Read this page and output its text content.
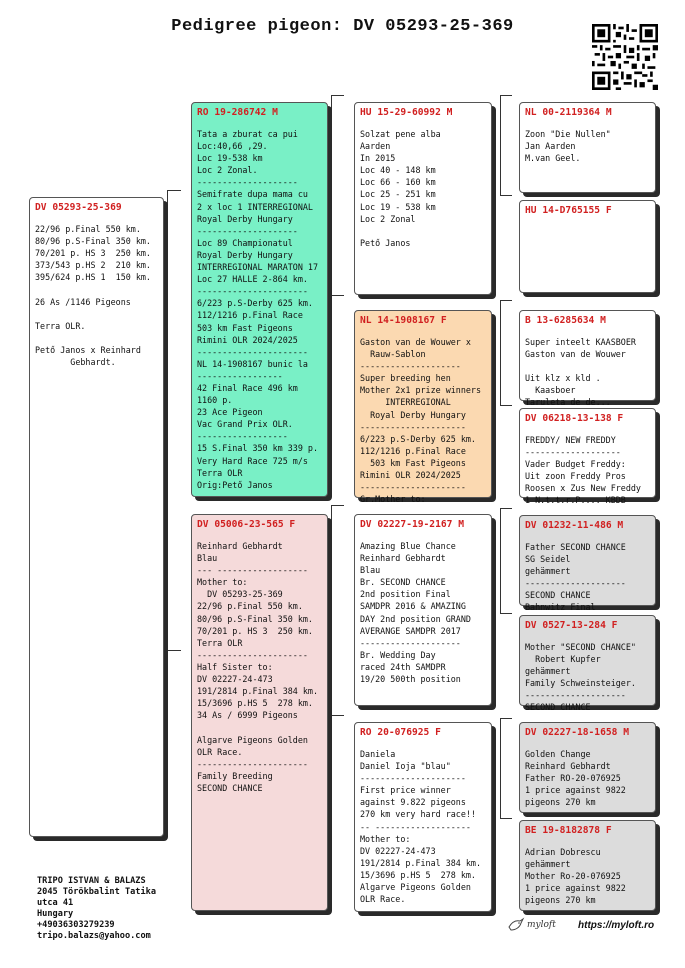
Pedigree pigeon: DV 05293-25-369
DV 05293-25-369
22/96 p.Final 550 km.
80/96 p.S-Final 350 km.
70/201 p. HS 3  250 km.
373/543 p.HS 2  210 km.
395/624 p.HS 1  150 km.

26 As /1146 Pigeons

Terra OLR.

Pető Janos x Reinhard
Gebhardt.
RO 19-286742 M
Tata a zburat ca pui
Loc:40,66 ,29.
Loc 19-538 km
Loc 2 Zonal.
--------------------
Semifrate dupa mama cu
2 x loc 1 INTERREGIONAL
Royal Derby Hungary
--------------------
Loc 89 Championatul
Royal Derby Hungary
INTERREGIONAL MARATON 17
Loc 27 HALLE 2-864 km.
----------------------
6/223 p.S-Derby 625 km.
112/1216 p.Final Race
503 km Fast Pigeons
Rimini OLR 2024/2025
----------------------
NL 14-1908167 bunic la
-----------------
42 Final Race 496 km
1160 p.
23 Ace Pigeon
Vac Grand Prix OLR.
------------------
15 S.Final 350 km 339 p.
Very Hard Race 725 m/s
Terra OLR
Orig:Pető Janos
DV 05006-23-565 F
Reinhard Gebhardt
Blau
--- ------------------
Mother to:
DV 05293-25-369
22/96 p.Final 550 km.
80/96 p.S-Final 350 km.
70/201 p. HS 3  250 km.
Terra OLR
----------------------
Half Sister to:
DV 02227-24-473
191/2814 p.Final 384 km.
15/3696 p.HS 5  278 km.
34 As / 6999 Pigeons

Algarve Pigeons Golden
OLR Race.
----------------------
Family Breeding
SECOND CHANCE
HU 15-29-60992 M
Solzat pene alba
Aarden
In 2015
Loc 40 - 148 km
Loc 66 - 160 km
Loc 25 - 251 km
Loc 19 - 538 km
Loc 2 Zonal

Pető Janos
NL 14-1908167 F
Gaston van de Wouwer x
Rauw-Sablon
--------------------
Super breeding hen
Mother 2x1 prize winners
INTERREGIONAL
Royal Derby Hungary
---------------------
6/223 p.S-Derby 625 km.
112/1216 p.Final Race
503 km Fast Pigeons
Rimini OLR 2024/2025
---------------------
Gr.Mother to:
DV 02227-19-2167 M
Amazing Blue Chance
Reinhard Gebhardt
Blau
Br. SECOND CHANCE
2nd position Final
SAMDPR 2016 & AMAZING
DAY 2nd position GRAND
AVERANGE SAMDPR 2017
--------------------
Br. Wedding Day
raced 24th SAMDPR
19/20 500th position
RO 20-076925 F
Daniela
Daniel Ioja "blau"
---------------------
First price winner
against 9.822 pigeons
270 km very hard race!!
-- -------------------
Mother to:
DV 02227-24-473
191/2814 p.Final 384 km.
15/3696 p.HS 5  278 km.
Algarve Pigeons Golden
OLR Race.
NL 00-2119364 M
Zoon "Die Nullen"
Jan Aarden
M.van Geel.
HU 14-D765155 F
B 13-6285634 M
Super inteelt KAASBOER
Gaston van de Wouwer

Uit klz x kld .
Kaasboer
Taruleta de de...
DV 06218-13-138 F
FREDDY/ NEW FREDDY
-------------------
Vader Budget Freddy:
Uit zoon Freddy Pros
Roosen x Zus New Freddy
1 N.t.t.r.P.... KBDB
DV 01232-11-486 M
Father SECOND CHANCE
SG Seidel
gehämmert
--------------------
SECOND CHANCE
Bahnwitz Final
DV 0527-13-284 F
Mother "SECOND CHANCE"
Robert Kupfer
gehämmert
Family Schweinsteiger.
--------------------
SECOND CHANCE
DV 02227-18-1658 M
Golden Change
Reinhard Gebhardt
Father RO-20-076925
1 price against 9822
pigeons 270 km
BE 19-8182878 F
Adrian Dobrescu
gehämmert
Mother Ro-20-076925
1 price against 9822
pigeons 270 km
TRIPO ISTVAN & BALAZS
2045 Törökbalint Tatika
utca 41
Hungary
+49036303279239
tripo.balazs@yahoo.com
myloft https://myloft.ro
